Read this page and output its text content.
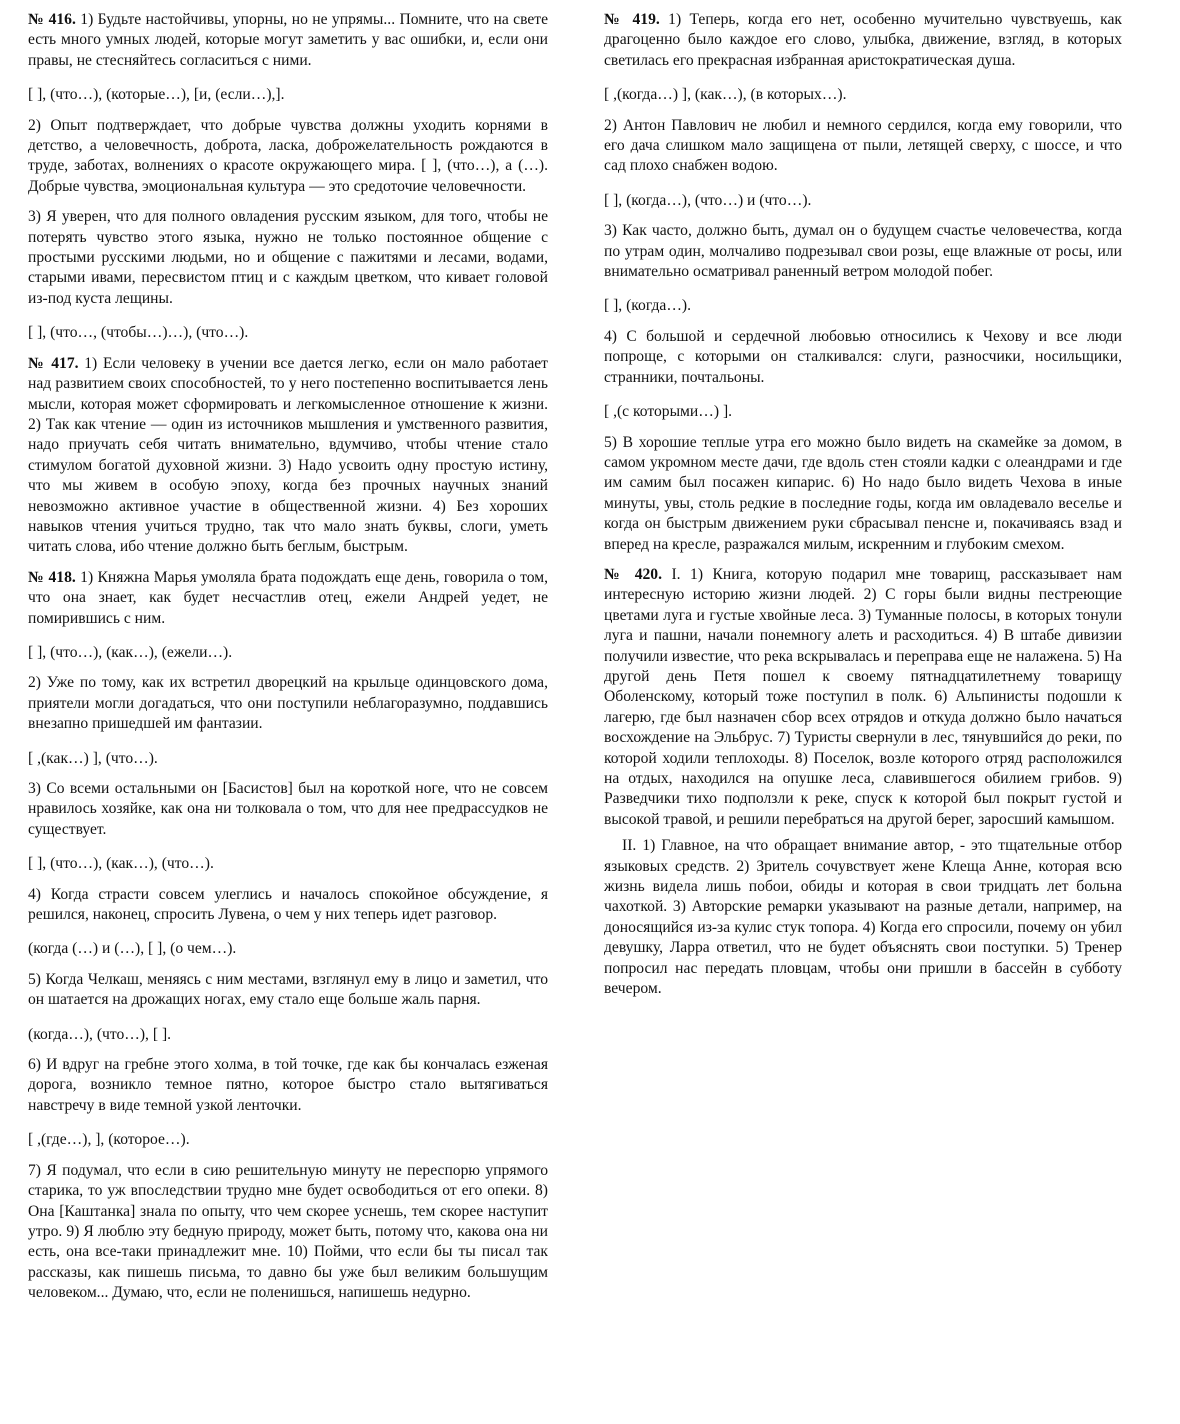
№ 416. 1) Будьте настойчивы, упорны, но не упрямы... Помните, что на свете есть много умных людей, которые могут заметить у вас ошибки, и, если они правы, не стесняйтесь согласиться с ними.

[ ], (что…), (которые…), [и, (если…),].

2) Опыт подтверждает, что добрые чувства должны уходить корнями в детство, а человечность, доброта, ласка, доброжелательность рождаются в труде, заботах, волнениях о красоте окружающего мира. [ ], (что…), а (…). Добрые чувства, эмоциональная культура — это средоточие человечности.

3) Я уверен, что для полного овладения русским языком, для того, чтобы не потерять чувство этого языка, нужно не только постоянное общение с простыми русскими людьми, но и общение с пажитями и лесами, водами, старыми ивами, пересвистом птиц и с каждым цветком, что кивает головой из-под куста лещины.

[ ], (что…, (чтобы…)…), (что…).

№ 417. 1) Если человеку в учении все дается легко, если он мало работает над развитием своих способностей, то у него постепенно воспитывается лень мысли, которая может сформировать и легкомысленное отношение к жизни. 2) Так как чтение — один из источников мышления и умственного развития, надо приучать себя читать внимательно, вдумчиво, чтобы чтение стало стимулом богатой духовной жизни. 3) Надо усвоить одну простую истину, что мы живем в особую эпоху, когда без прочных научных знаний невозможно активное участие в общественной жизни. 4) Без хороших навыков чтения учиться трудно, так что мало знать буквы, слоги, уметь читать слова, ибо чтение должно быть беглым, быстрым.

№ 418. 1) Княжна Марья умоляла брата подождать еще день, говорила о том, что она знает, как будет несчастлив отец, ежели Андрей уедет, не помирившись с ним.

[ ], (что…), (как…), (ежели…).

2) Уже по тому, как их встретил дворецкий на крыльце одинцовского дома, приятели могли догадаться, что они поступили неблагоразумно, поддавшись внезапно пришедшей им фантазии.

[ ,(как…) ], (что…).

3) Со всеми остальными он [Басистов] был на короткой ноге, что не совсем нравилось хозяйке, как она ни толковала о том, что для нее предрассудков не существует.

[ ], (что…), (как…), (что…).

4) Когда страсти совсем улеглись и началось спокойное обсуждение, я решился, наконец, спросить Лувена, о чем у них теперь идет разговор.

(когда (…) и (…), [ ], (о чем…).

5) Когда Челкаш, меняясь с ним местами, взглянул ему в лицо и заметил, что он шатается на дрожащих ногах, ему стало еще больше жаль парня.

(когда…), (что…), [ ].

6) И вдруг на гребне этого холма, в той точке, где как бы кончалась езженая дорога, возникло темное пятно, которое быстро стало вытягиваться навстречу в виде темной узкой ленточки.

[ ,(где…), ], (которое…).

7) Я подумал, что если в сию решительную минуту не переспорю упрямого старика, то уж впоследствии трудно мне будет освободиться от его опеки. 8) Она [Каштанка] знала по опыту, что чем скорее уснешь, тем скорее наступит утро. 9) Я люблю эту бедную природу, может быть, потому что, какова она ни есть, она все-таки принадлежит мне. 10) Пойми, что если бы ты писал так рассказы, как пишешь письма, то давно бы уже был великим большущим человеком... Думаю, что, если не поленишься, напишешь недурно.

№ 419. 1) Теперь, когда его нет, особенно мучительно чувствуешь, как драгоценно было каждое его слово, улыбка, движение, взгляд, в которых светилась его прекрасная избранная аристократическая душа.

[ ,(когда…) ], (как…), (в которых…).

2) Антон Павлович не любил и немного сердился, когда ему говорили, что его дача слишком мало защищена от пыли, летящей сверху, с шоссе, и что сад плохо снабжен водою.

[ ], (когда…), (что…) и (что…).

3) Как часто, должно быть, думал он о будущем счастье человечества, когда по утрам один, молчаливо подрезывал свои розы, еще влажные от росы, или внимательно осматривал раненный ветром молодой побег.

[ ], (когда…).

4) С большой и сердечной любовью относились к Чехову и все люди попроще, с которыми он сталкивался: слуги, разносчики, носильщики, странники, почтальоны.

[ ,(с которыми…) ].

5) В хорошие теплые утра его можно было видеть на скамейке за домом, в самом укромном месте дачи, где вдоль стен стояли кадки с олеандрами и где им самим был посажен кипарис. 6) Но надо было видеть Чехова в иные минуты, увы, столь редкие в последние годы, когда им овладевало веселье и когда он быстрым движением руки сбрасывал пенсне и, покачиваясь взад и вперед на кресле, разражался милым, искренним и глубоким смехом.

№ 420. I. 1) Книга, которую подарил мне товарищ, рассказывает нам интересную историю жизни людей. 2) С горы были видны пестреющие цветами луга и густые хвойные леса. 3) Туманные полосы, в которых тонули луга и пашни, начали понемногу алеть и расходиться. 4) В штабе дивизии получили известие, что река вскрывалась и переправа еще не налажена. 5) На другой день Петя пошел к своему пятнадцатилетнему товарищу Оболенскому, который тоже поступил в полк. 6) Альпинисты подошли к лагерю, где был назначен сбор всех отрядов и откуда должно было начаться восхождение на Эльбрус. 7) Туристы свернули в лес, тянувшийся до реки, по которой ходили теплоходы. 8) Поселок, возле которого отряд расположился на отдых, находился на опушке леса, славившегося обилием грибов. 9) Разведчики тихо подползли к реке, спуск к которой был покрыт густой и высокой травой, и решили перебраться на другой берег, заросший камышом.

II. 1) Главное, на что обращает внимание автор, - это тщательные отбор языковых средств. 2) Зритель сочувствует жене Клеща Анне, которая всю жизнь видела лишь побои, обиды и которая в свои тридцать лет больна чахоткой. 3) Авторские ремарки указывают на разные детали, например, на доносящийся из-за кулис стук топора. 4) Когда его спросили, почему он убил девушку, Ларра ответил, что не будет объяснять свои поступки. 5) Тренер попросил нас передать пловцам, чтобы они пришли в бассейн в субботу вечером.
